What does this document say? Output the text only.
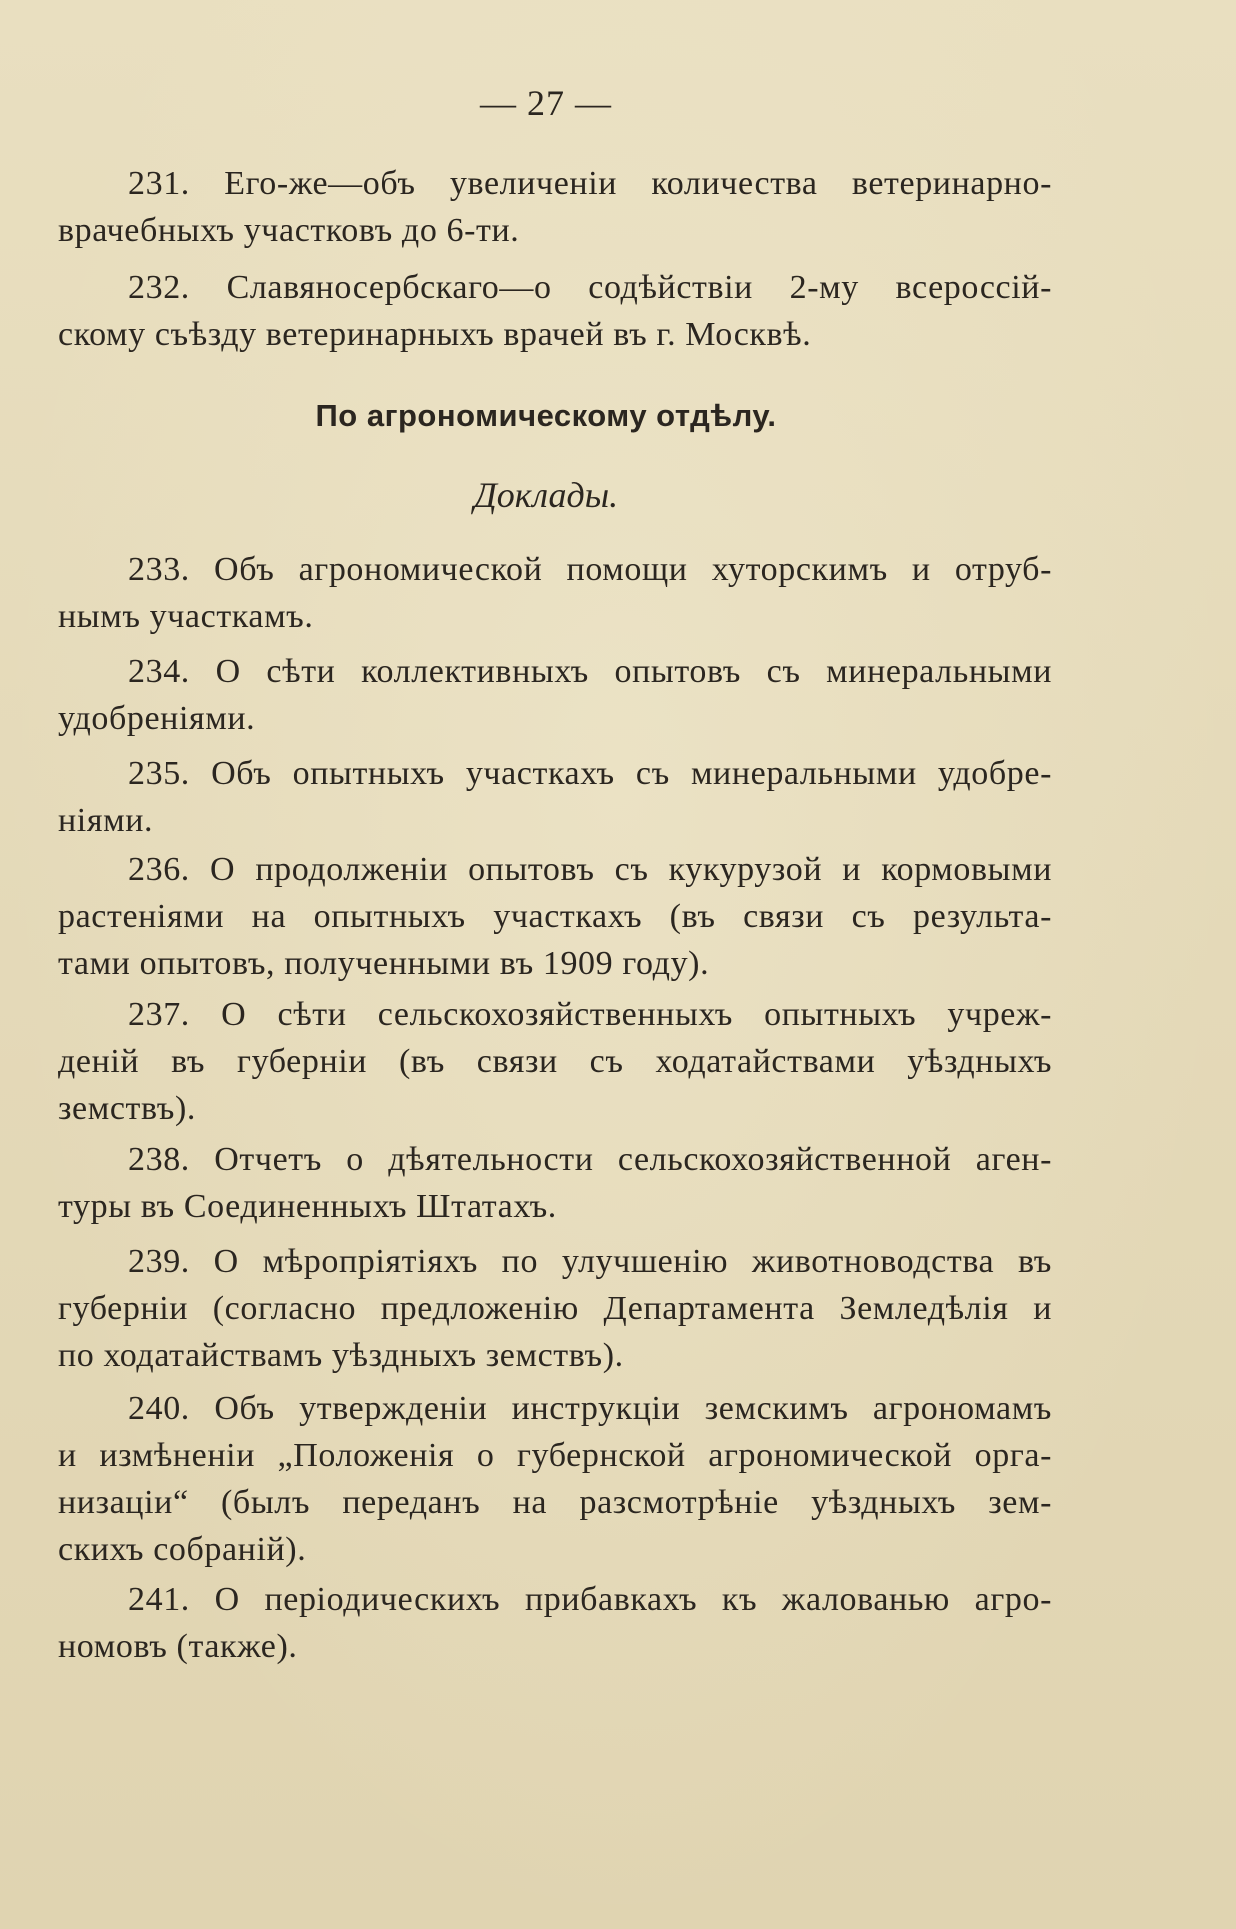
— 27 —
231. Его-же—объ увеличеніи количества ветеринарно-
врачебныхъ участковъ до 6-ти.
232. Славяносербскаго—о содѣйствіи 2-му всероссій-
скому съѣзду ветеринарныхъ врачей въ г. Москвѣ.
По агрономическому отдѣлу.
Доклады.
233. Объ агрономической помощи хуторскимъ и отруб-
нымъ участкамъ.
234. О сѣти коллективныхъ опытовъ съ минеральными
удобреніями.
235. Объ опытныхъ участкахъ съ минеральными удобре-
ніями.
236. О продолженіи опытовъ съ кукурузой и кормовыми
растеніями на опытныхъ участкахъ (въ связи съ результа-
тами опытовъ, полученными въ 1909 году).
237. О сѣти сельскохозяйственныхъ опытныхъ учреж-
деній въ губерніи (въ связи съ ходатайствами уѣздныхъ
земствъ).
238. Отчетъ о дѣятельности сельскохозяйственной аген-
туры въ Соединенныхъ Штатахъ.
239. О мѣропріятіяхъ по улучшенію животноводства въ
губерніи (согласно предложенію Департамента Земледѣлія и
по ходатайствамъ уѣздныхъ земствъ).
240. Объ утвержденіи инструкціи земскимъ агрономамъ
и измѣненіи „Положенія о губернской агрономической орга-
низаціи“ (былъ переданъ на разсмотрѣніе уѣздныхъ зем-
скихъ собраній).
241. О періодическихъ прибавкахъ къ жалованью агро-
номовъ (также).
